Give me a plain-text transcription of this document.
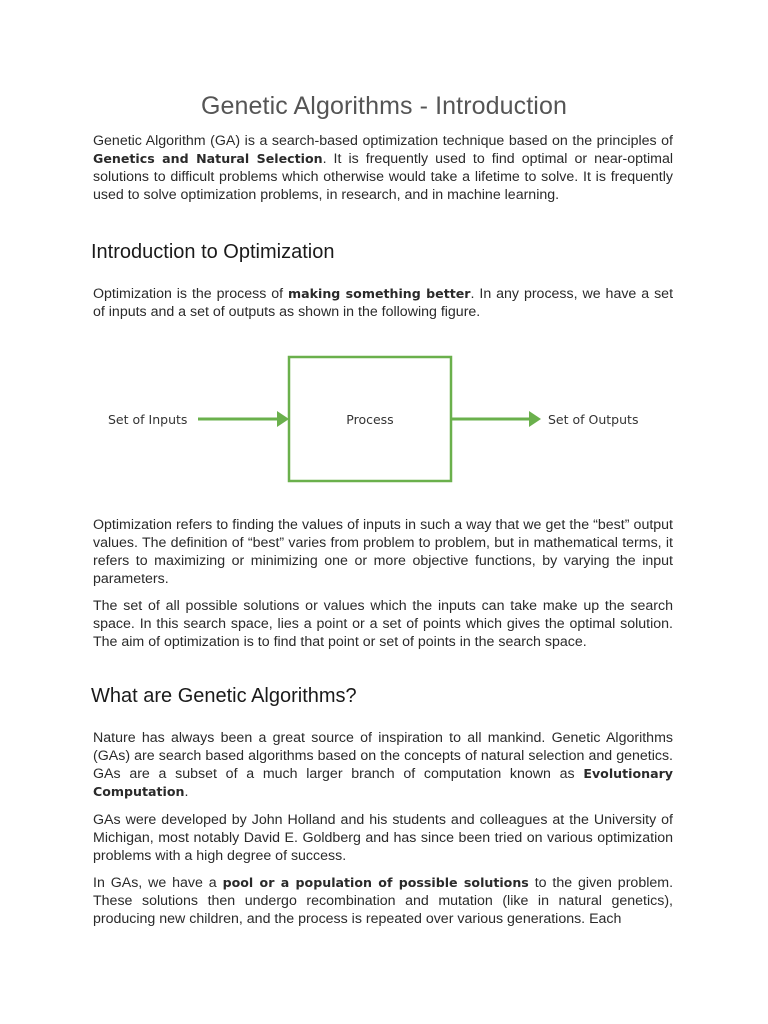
Genetic Algorithms - Introduction

Genetic Algorithm (GA) is a search-based optimization technique based on the principles of Genetics and Natural Selection. It is frequently used to find optimal or near-optimal solutions to difficult problems which otherwise would take a lifetime to solve. It is frequently used to solve optimization problems, in research, and in machine learning.

Introduction to Optimization

Optimization is the process of making something better. In any process, we have a set of inputs and a set of outputs as shown in the following figure.

Set of Inputs	Process	Set of Outputs

Optimization refers to finding the values of inputs in such a way that we get the “best” output values. The definition of “best” varies from problem to problem, but in mathematical terms, it refers to maximizing or minimizing one or more objective functions, by varying the input parameters.

The set of all possible solutions or values which the inputs can take make up the search space. In this search space, lies a point or a set of points which gives the optimal solution. The aim of optimization is to find that point or set of points in the search space.

What are Genetic Algorithms?

Nature has always been a great source of inspiration to all mankind. Genetic Algorithms (GAs) are search based algorithms based on the concepts of natural selection and genetics. GAs are a subset of a much larger branch of computation known as Evolutionary Computation.

GAs were developed by John Holland and his students and colleagues at the University of Michigan, most notably David E. Goldberg and has since been tried on various optimization problems with a high degree of success.

In GAs, we have a pool or a population of possible solutions to the given problem. These solutions then undergo recombination and mutation (like in natural genetics), producing new children, and the process is repeated over various generations. Each
